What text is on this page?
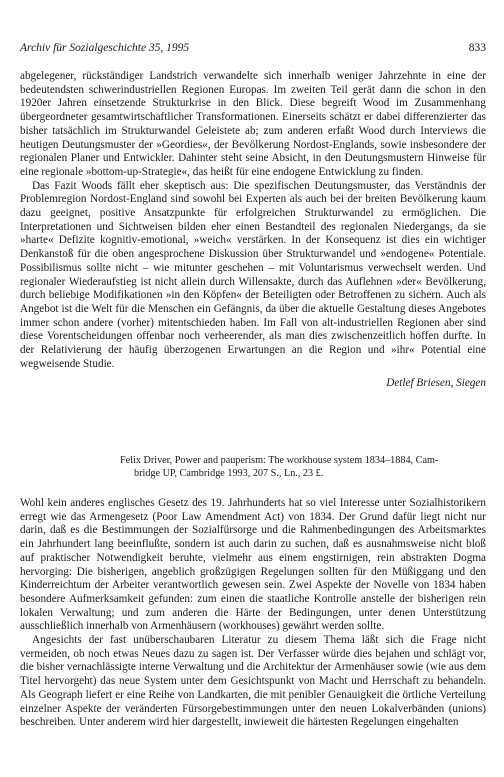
Archiv für Sozialgeschichte 35, 1995	833

abgelegener, rückständiger Landstrich verwandelte sich innerhalb weniger Jahrzehnte in eine der bedeutendsten schwerindustriellen Regionen Europas. Im zweiten Teil gerät dann die schon in den 1920er Jahren einsetzende Strukturkrise in den Blick. Diese begreift Wood im Zusammenhang übergeordneter gesamtwirtschaftlicher Transformationen. Einerseits schätzt er dabei differenzierter das bisher tatsächlich im Strukturwandel Geleistete ab; zum anderen erfaßt Wood durch Interviews die heutigen Deutungsmuster der »Geordies«, der Bevölkerung Nordost-Englands, sowie insbesondere der regionalen Planer und Entwickler. Dahinter steht seine Absicht, in den Deutungsmustern Hinweise für eine regionale »bottom-up-Strategie«, das heißt für eine endogene Entwicklung zu finden.

Das Fazit Woods fällt eher skeptisch aus: Die spezifischen Deutungsmuster, das Verständnis der Problemregion Nordost-England sind sowohl bei Experten als auch bei der breiten Bevölkerung kaum dazu geeignet, positive Ansatzpunkte für erfolgreichen Strukturwandel zu ermöglichen. Die Interpretationen und Sichtweisen bilden eher einen Bestandteil des regionalen Niedergangs, da sie »harte« Defizite kognitiv-emotional, »weich« verstärken. In der Konsequenz ist dies ein wichtiger Denkanstoß für die oben angesprochene Diskussion über Strukturwandel und »endogene« Potentiale. Possibilismus sollte nicht – wie mitunter geschehen – mit Voluntarismus verwechselt werden. Und regionaler Wiederaufstieg ist nicht allein durch Willensakte, durch das Auflehnen »der« Bevölkerung, durch beliebige Modifikationen »in den Köpfen« der Beteiligten oder Betroffenen zu sichern. Auch als Angebot ist die Welt für die Menschen ein Gefängnis, da über die aktuelle Gestaltung dieses Angebotes immer schon andere (vorher) mitentschieden haben. Im Fall von alt-industriellen Regionen aber sind diese Vorentscheidungen offenbar noch verheerender, als man dies zwischenzeitlich hoffen durfte. In der Relativierung der häufig überzogenen Erwartungen an die Region und »ihr« Potential eine wegweisende Studie.

Detlef Briesen, Siegen
Felix Driver, Power and pauperism: The workhouse system 1834–1884, Cam-
bridge UP, Cambridge 1993, 207 S., Ln., 23 £.

Wohl kein anderes englisches Gesetz des 19. Jahrhunderts hat so viel Interesse unter Sozialhistorikern erregt wie das Armengesetz (Poor Law Amendment Act) von 1834. Der Grund dafür liegt nicht nur darin, daß es die Bestimmungen der Sozialfürsorge und die Rahmenbedingungen des Arbeitsmarktes ein Jahrhundert lang beeinflußte, sondern ist auch darin zu suchen, daß es ausnahmsweise nicht bloß auf praktischer Notwendigkeit beruhte, vielmehr aus einem engstirnigen, rein abstrakten Dogma hervorging: Die bisherigen, angeblich großzügigen Regelungen sollten für den Müßiggang und den Kinderreichtum der Arbeiter verantwortlich gewesen sein. Zwei Aspekte der Novelle von 1834 haben besondere Aufmerksamkeit gefunden: zum einen die staatliche Kontrolle anstelle der bisherigen rein lokalen Verwaltung; und zum anderen die Härte der Bedingungen, unter denen Unterstützung ausschließlich innerhalb von Armenhäusern (workhouses) gewährt werden sollte.

Angesichts der fast unüberschaubaren Literatur zu diesem Thema läßt sich die Frage nicht vermeiden, ob noch etwas Neues dazu zu sagen ist. Der Verfasser würde dies bejahen und schlägt vor, die bisher vernachlässigte interne Verwaltung und die Architektur der Armenhäuser sowie (wie aus dem Titel hervorgeht) das neue System unter dem Gesichtspunkt von Macht und Herrschaft zu behandeln. Als Geograph liefert er eine Reihe von Landkarten, die mit penibler Genauigkeit die örtliche Verteilung einzelner Aspekte der veränderten Fürsorgebestimmungen unter den neuen Lokalverbänden (unions) beschreiben. Unter anderem wird hier dargestellt, inwieweit die härtesten Regelungen eingehalten
